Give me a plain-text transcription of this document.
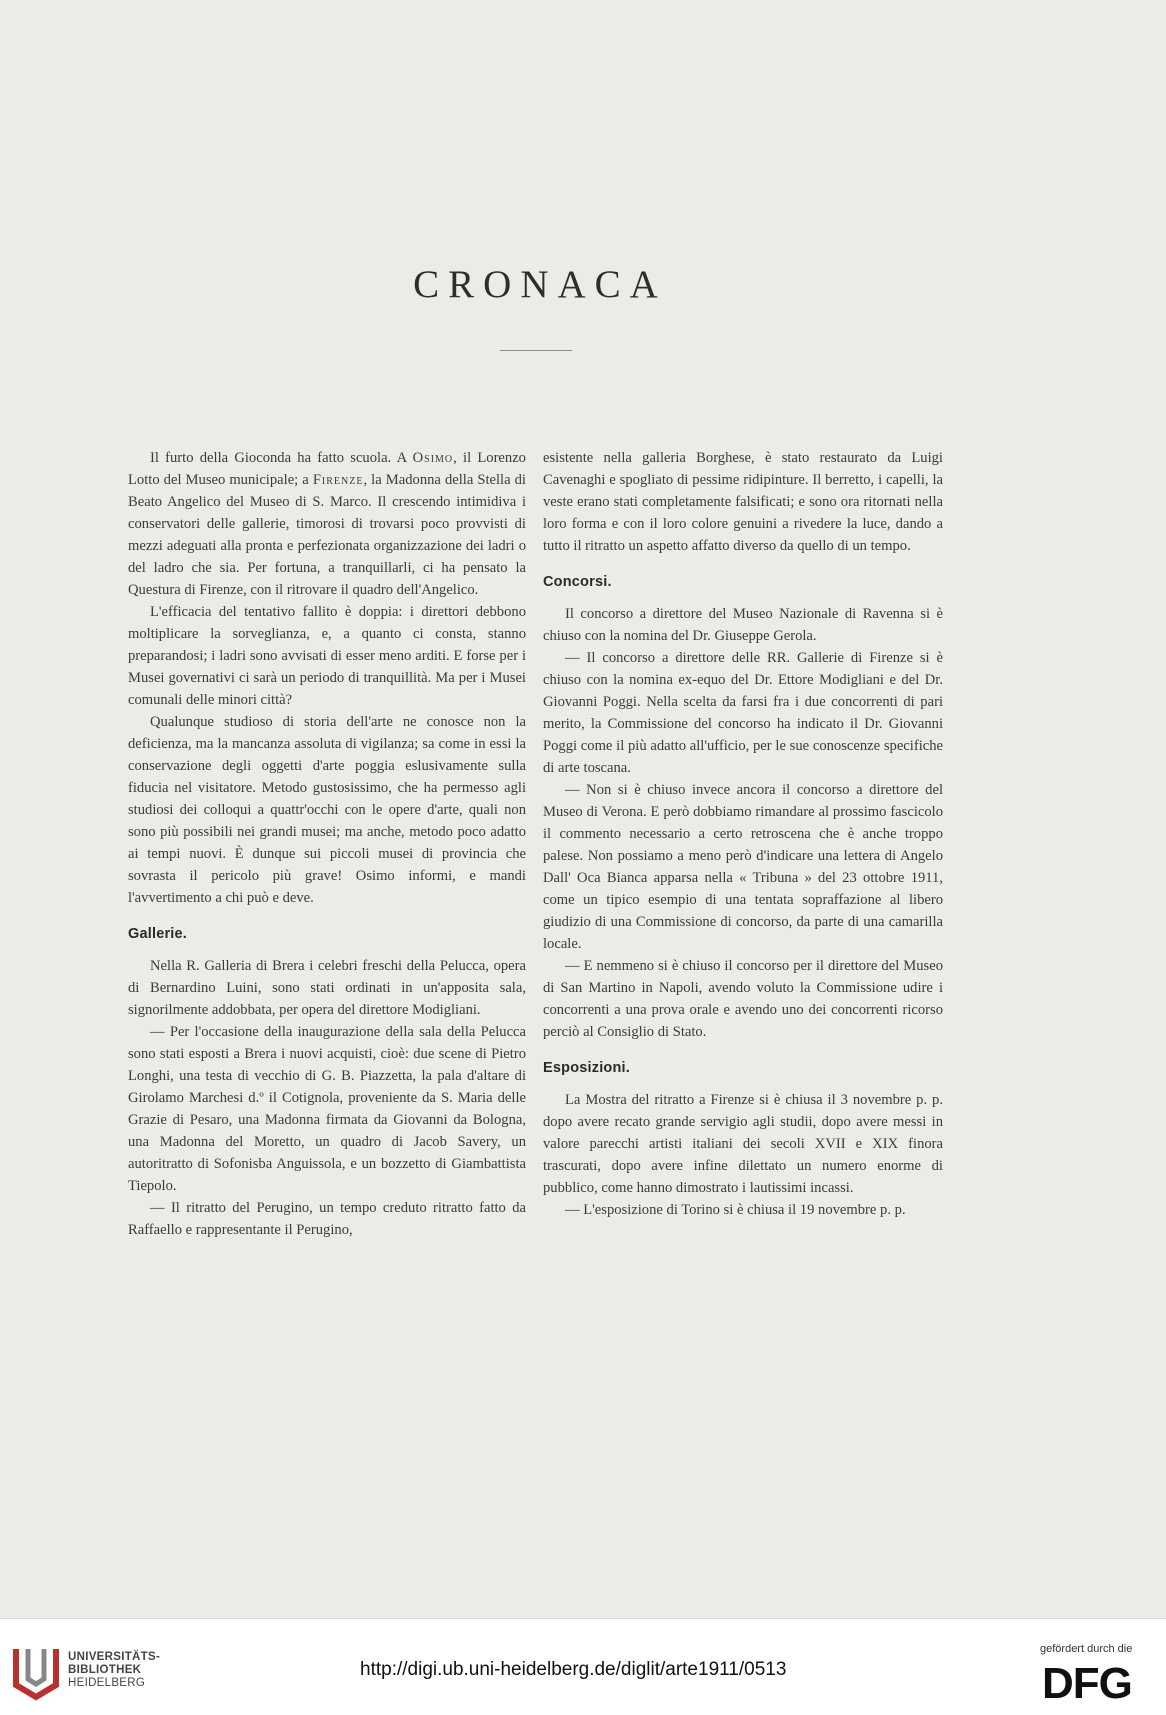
CRONACA

Il furto della Gioconda ha fatto scuola. A Osimo, il Lorenzo Lotto del Museo municipale; a Firenze, la Madonna della Stella di Beato Angelico del Museo di S. Marco. Il crescendo intimidiva i conservatori delle gallerie, timorosi di trovarsi poco provvisti di mezzi adeguati alla pronta e perfezionata organizzazione dei ladri o del ladro che sia. Per fortuna, a tranquillarli, ci ha pensato la Questura di Firenze, con il ritrovare il quadro dell'Angelico.

L'efficacia del tentativo fallito è doppia: i direttori debbono moltiplicare la sorveglianza, e, a quanto ci consta, stanno preparandosi; i ladri sono avvisati di esser meno arditi. E forse per i Musei governativi ci sarà un periodo di tranquillità. Ma per i Musei comunali delle minori città?

Qualunque studioso di storia dell'arte ne conosce non la deficienza, ma la mancanza assoluta di vigilanza; sa come in essi la conservazione degli oggetti d'arte poggia eslusivamente sulla fiducia nel visitatore. Metodo gustosissimo, che ha permesso agli studiosi dei colloqui a quattr'occhi con le opere d'arte, quali non sono più possibili nei grandi musei; ma anche, metodo poco adatto ai tempi nuovi. È dunque sui piccoli musei di provincia che sovrasta il pericolo più grave! Osimo informi, e mandi l'avvertimento a chi può e deve.

Gallerie.

Nella R. Galleria di Brera i celebri freschi della Pelucca, opera di Bernardino Luini, sono stati ordinati in un'apposita sala, signorilmente addobbata, per opera del direttore Modigliani.

— Per l'occasione della inaugurazione della sala della Pelucca sono stati esposti a Brera i nuovi acquisti, cioè: due scene di Pietro Longhi, una testa di vecchio di G. B. Piazzetta, la pala d'altare di Girolamo Marchesi d.º il Cotignola, proveniente da S. Maria delle Grazie di Pesaro, una Madonna firmata da Giovanni da Bologna, una Madonna del Moretto, un quadro di Jacob Savery, un autoritratto di Sofonisba Anguissola, e un bozzetto di Giambattista Tiepolo.

— Il ritratto del Perugino, un tempo creduto ritratto fatto da Raffaello e rappresentante il Perugino,

esistente nella galleria Borghese, è stato restaurato da Luigi Cavenaghi e spogliato di pessime ridipinture. Il berretto, i capelli, la veste erano stati completamente falsificati; e sono ora ritornati nella loro forma e con il loro colore genuini a rivedere la luce, dando a tutto il ritratto un aspetto affatto diverso da quello di un tempo.

Concorsi.

Il concorso a direttore del Museo Nazionale di Ravenna si è chiuso con la nomina del Dr. Giuseppe Gerola.

— Il concorso a direttore delle RR. Gallerie di Firenze si è chiuso con la nomina ex-equo del Dr. Ettore Modigliani e del Dr. Giovanni Poggi. Nella scelta da farsi fra i due concorrenti di pari merito, la Commissione del concorso ha indicato il Dr. Giovanni Poggi come il più adatto all'ufficio, per le sue conoscenze specifiche di arte toscana.

— Non si è chiuso invece ancora il concorso a direttore del Museo di Verona. E però dobbiamo rimandare al prossimo fascicolo il commento necessario a certo retroscena che è anche troppo palese. Non possiamo a meno però d'indicare una lettera di Angelo Dall' Oca Bianca apparsa nella « Tribuna » del 23 ottobre 1911, come un tipico esempio di una tentata sopraffazione al libero giudizio di una Commissione di concorso, da parte di una camarilla locale.

— E nemmeno si è chiuso il concorso per il direttore del Museo di San Martino in Napoli, avendo voluto la Commissione udire i concorrenti a una prova orale e avendo uno dei concorrenti ricorso perciò al Consiglio di Stato.

Esposizioni.

La Mostra del ritratto a Firenze si è chiusa il 3 novembre p. p. dopo avere recato grande servigio agli studii, dopo avere messi in valore parecchi artisti italiani dei secoli XVII e XIX finora trascurati, dopo avere infine dilettato un numero enorme di pubblico, come hanno dimostrato i lautissimi incassi.

— L'esposizione di Torino si è chiusa il 19 novembre p. p.

UNIVERSITÄTS-
BIBLIOTHEK
HEIDELBERG
http://digi.ub.uni-heidelberg.de/diglit/arte1911/0513
gefördert durch die
DFG
